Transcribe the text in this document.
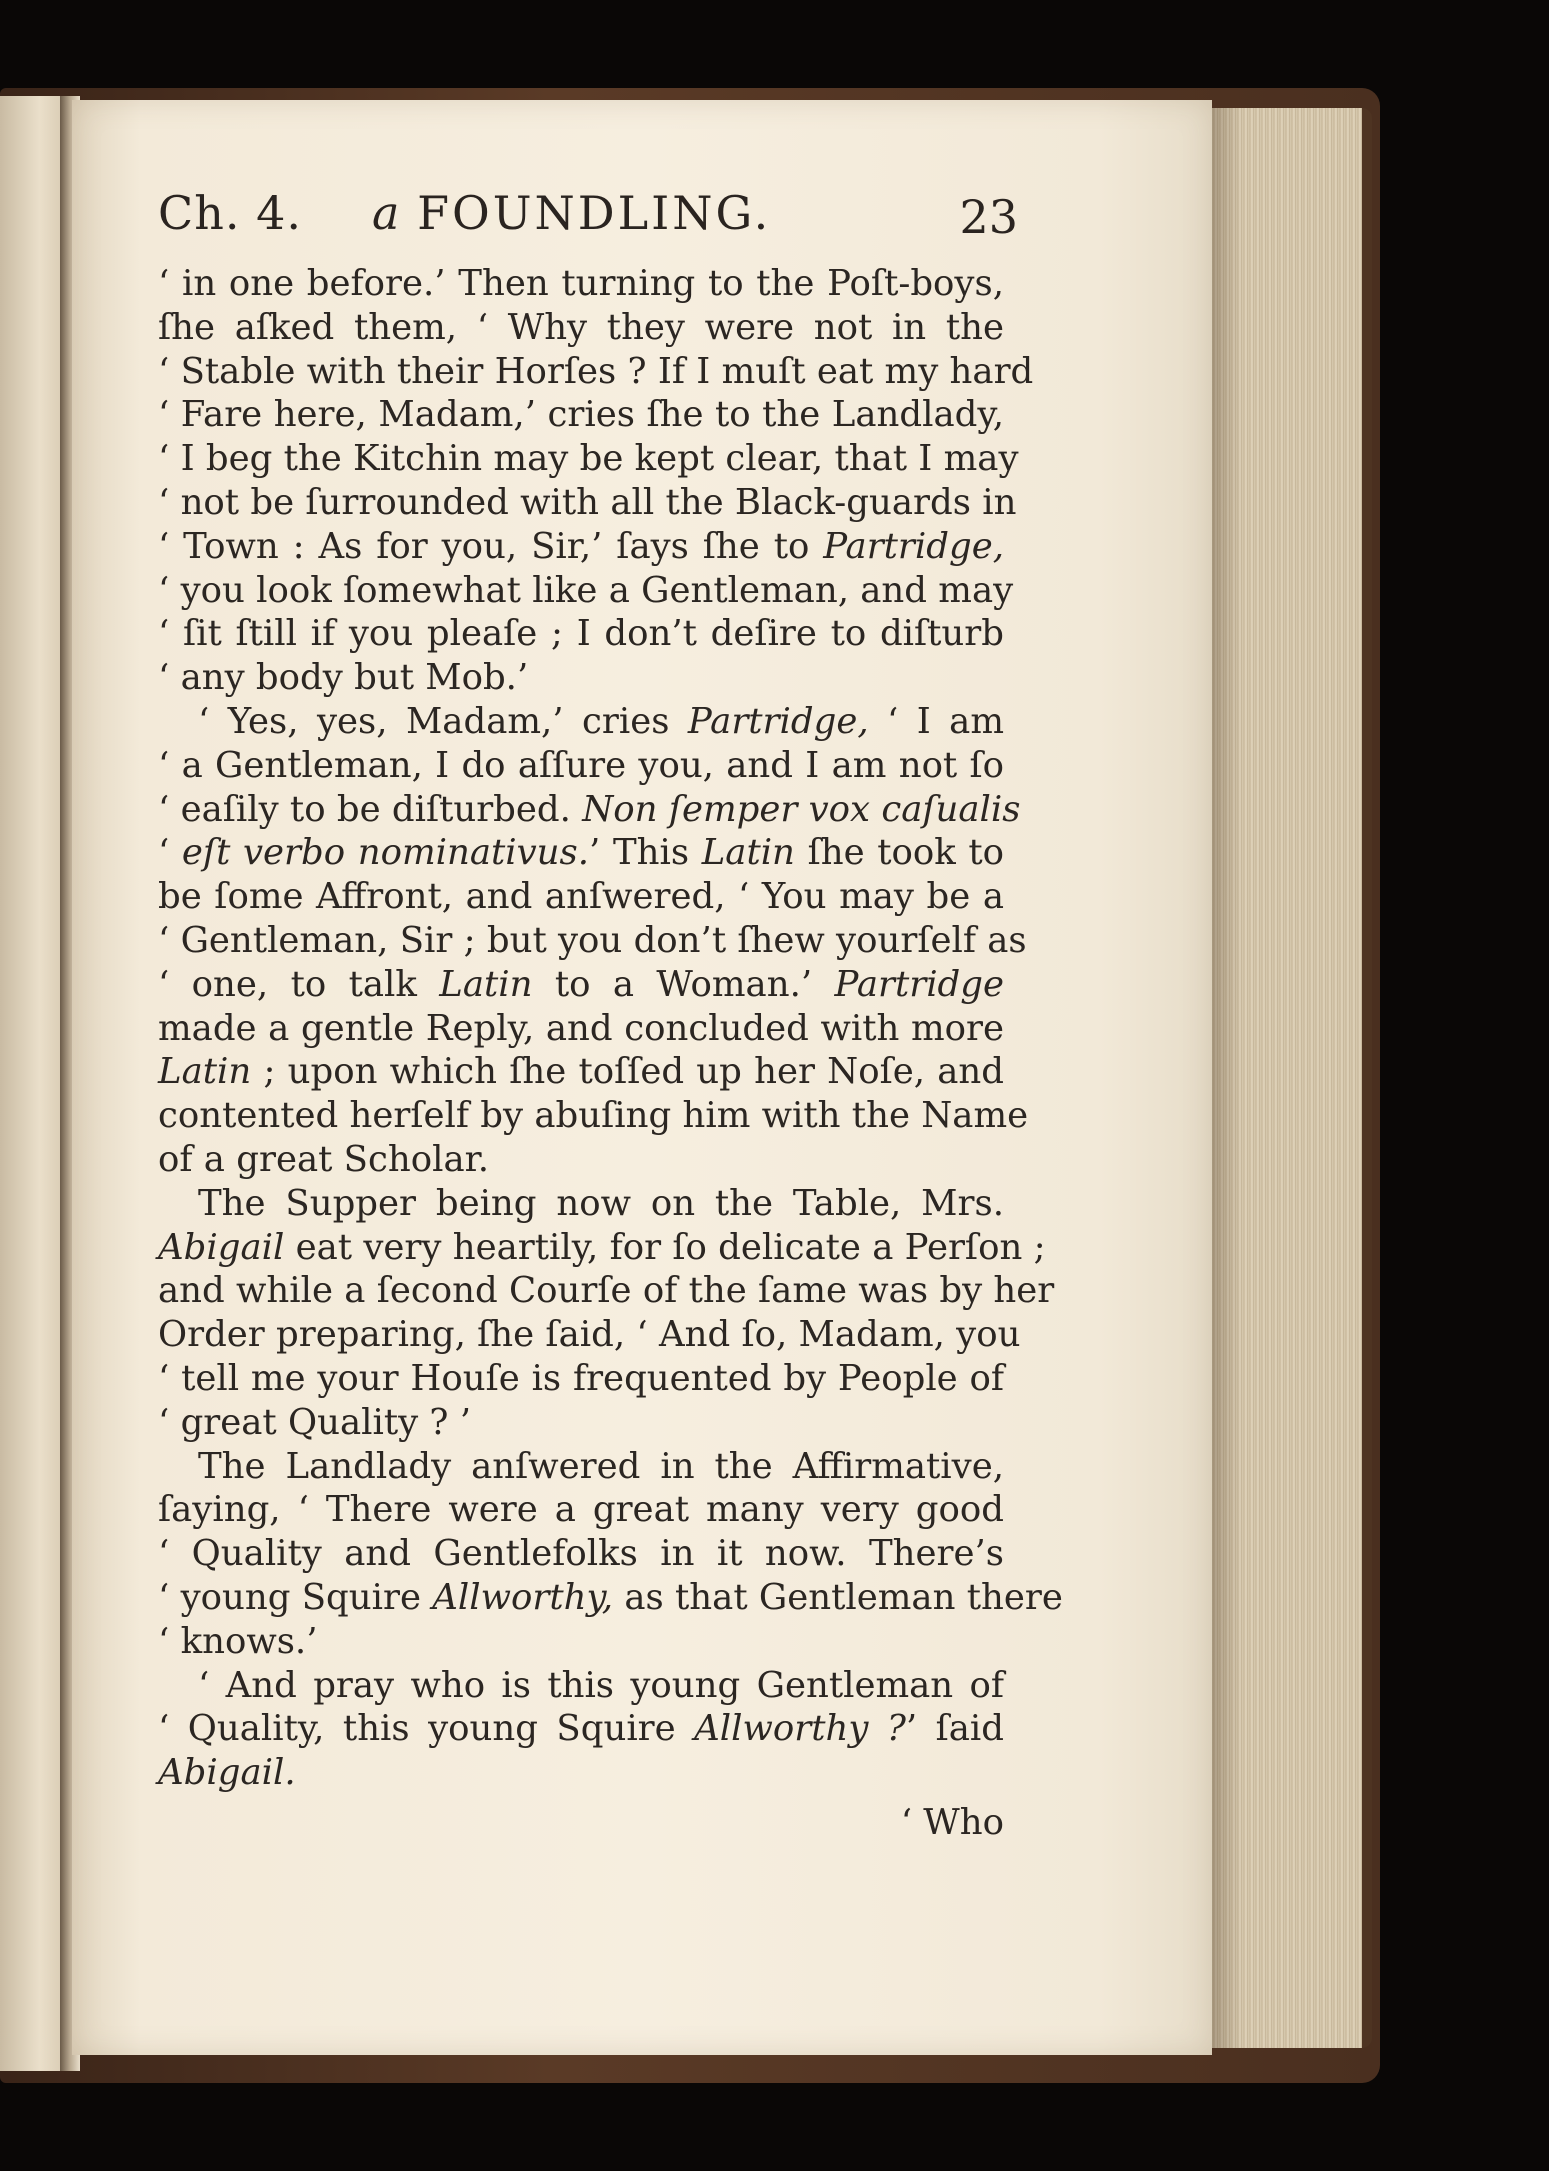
Ch. 4. a FOUNDLING.	23
‘ in one before.’ Then turning to the Poſt-boys,
ſhe aſked them, ‘ Why they were not in the
‘ Stable with their Horſes ? If I muſt eat my hard
‘ Fare here, Madam,’ cries ſhe to the Landlady,
‘ I beg the Kitchin may be kept clear, that I may
‘ not be ſurrounded with all the Black-guards in
‘ Town : As for you, Sir,’ ſays ſhe to Partridge,
‘ you look ſomewhat like a Gentleman, and may
‘ ſit ſtill if you pleaſe ; I don’t deſire to diſturb
‘ any body but Mob.’
‘ Yes, yes, Madam,’ cries Partridge, ‘ I am
‘ a Gentleman, I do aſſure you, and I am not ſo
‘ eaſily to be diſturbed. Non ſemper vox caſualis
‘ eſt verbo nominativus.’ This Latin ſhe took to
be ſome Affront, and anſwered, ‘ You may be a
‘ Gentleman, Sir ; but you don’t ſhew yourſelf as
‘ one, to talk Latin to a Woman.’ Partridge
made a gentle Reply, and concluded with more
Latin ; upon which ſhe toſſed up her Noſe, and
contented herſelf by abuſing him with the Name
of a great Scholar.
The Supper being now on the Table, Mrs.
Abigail eat very heartily, for ſo delicate a Perſon ;
and while a ſecond Courſe of the ſame was by her
Order preparing, ſhe ſaid, ‘ And ſo, Madam, you
‘ tell me your Houſe is frequented by People of
‘ great Quality ? ’
The Landlady anſwered in the Affirmative,
ſaying, ‘ There were a great many very good
‘ Quality and Gentlefolks in it now. There’s
‘ young Squire Allworthy, as that Gentleman there
‘ knows.’
‘ And pray who is this young Gentleman of
‘ Quality, this young Squire Allworthy ?’ ſaid
Abigail.
‘ Who
